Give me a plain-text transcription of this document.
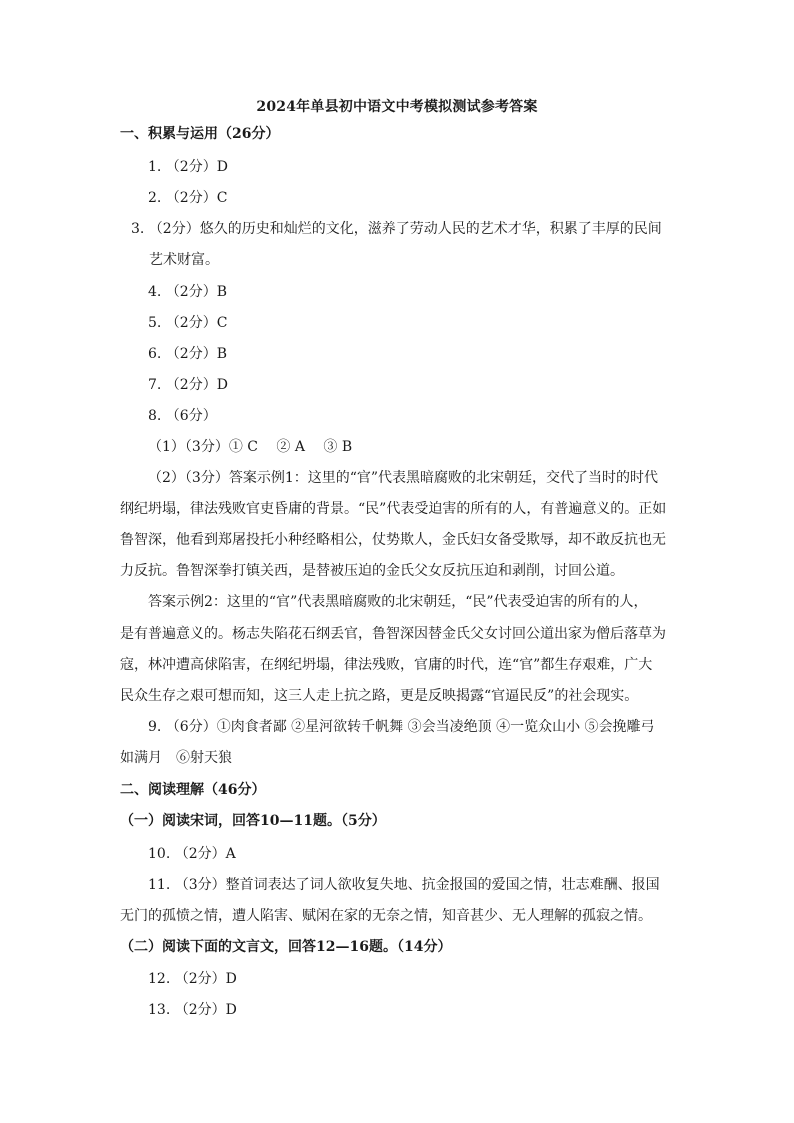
2024年单县初中语文中考模拟测试参考答案
一、积累与运用（26分）
1. （2分）D
2. （2分）C
3. （2分）悠久的历史和灿烂的文化，滋养了劳动人民的艺术才华，积累了丰厚的民间
艺术财富。
4. （2分）B
5. （2分）C
6. （2分）B
7. （2分）D
8. （6分）
（1）（3分）① C　 ② A　 ③ B
（2）（3分）答案示例1：这里的“官”代表黑暗腐败的北宋朝廷，交代了当时的时代
纲纪坍塌，律法残败官吏昏庸的背景。“民”代表受迫害的所有的人，有普遍意义的。正如
鲁智深，他看到郑屠投托小种经略相公，仗势欺人，金氏妇女备受欺辱，却不敢反抗也无
力反抗。鲁智深拳打镇关西，是替被压迫的金氏父女反抗压迫和剥削，讨回公道。
答案示例2：这里的“官”代表黑暗腐败的北宋朝廷，“民”代表受迫害的所有的人，
是有普遍意义的。杨志失陷花石纲丢官，鲁智深因替金氏父女讨回公道出家为僧后落草为
寇，林冲遭高俅陷害，在纲纪坍塌，律法残败，官庸的时代，连“官”都生存艰难，广大
民众生存之艰可想而知，这三人走上抗之路，更是反映揭露“官逼民反”的社会现实。
9. （6分）①肉食者鄙 ②星河欲转千帆舞 ③会当凌绝顶 ④一览众山小 ⑤会挽雕弓
如满月　⑥射天狼
二、阅读理解（46分）
（一）阅读宋词，回答10—11题。（5分）
10. （2分）A
11. （3分）整首词表达了词人欲收复失地、抗金报国的爱国之情，壮志难酬、报国
无门的孤愤之情，遭人陷害、赋闲在家的无奈之情，知音甚少、无人理解的孤寂之情。
（二）阅读下面的文言文，回答12—16题。（14分）
12. （2分）D
13. （2分）D
